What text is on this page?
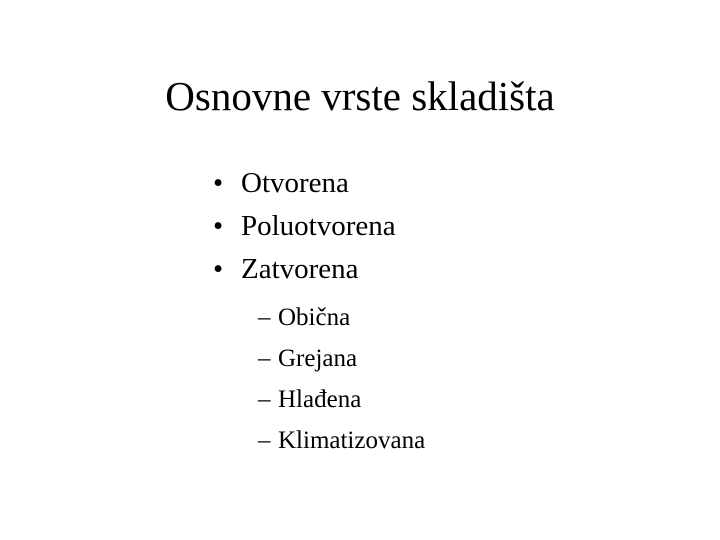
Osnovne vrste skladišta
• Otvorena
• Poluotvorena
• Zatvorena
– Obična
– Grejana
– Hlađena
– Klimatizovana
